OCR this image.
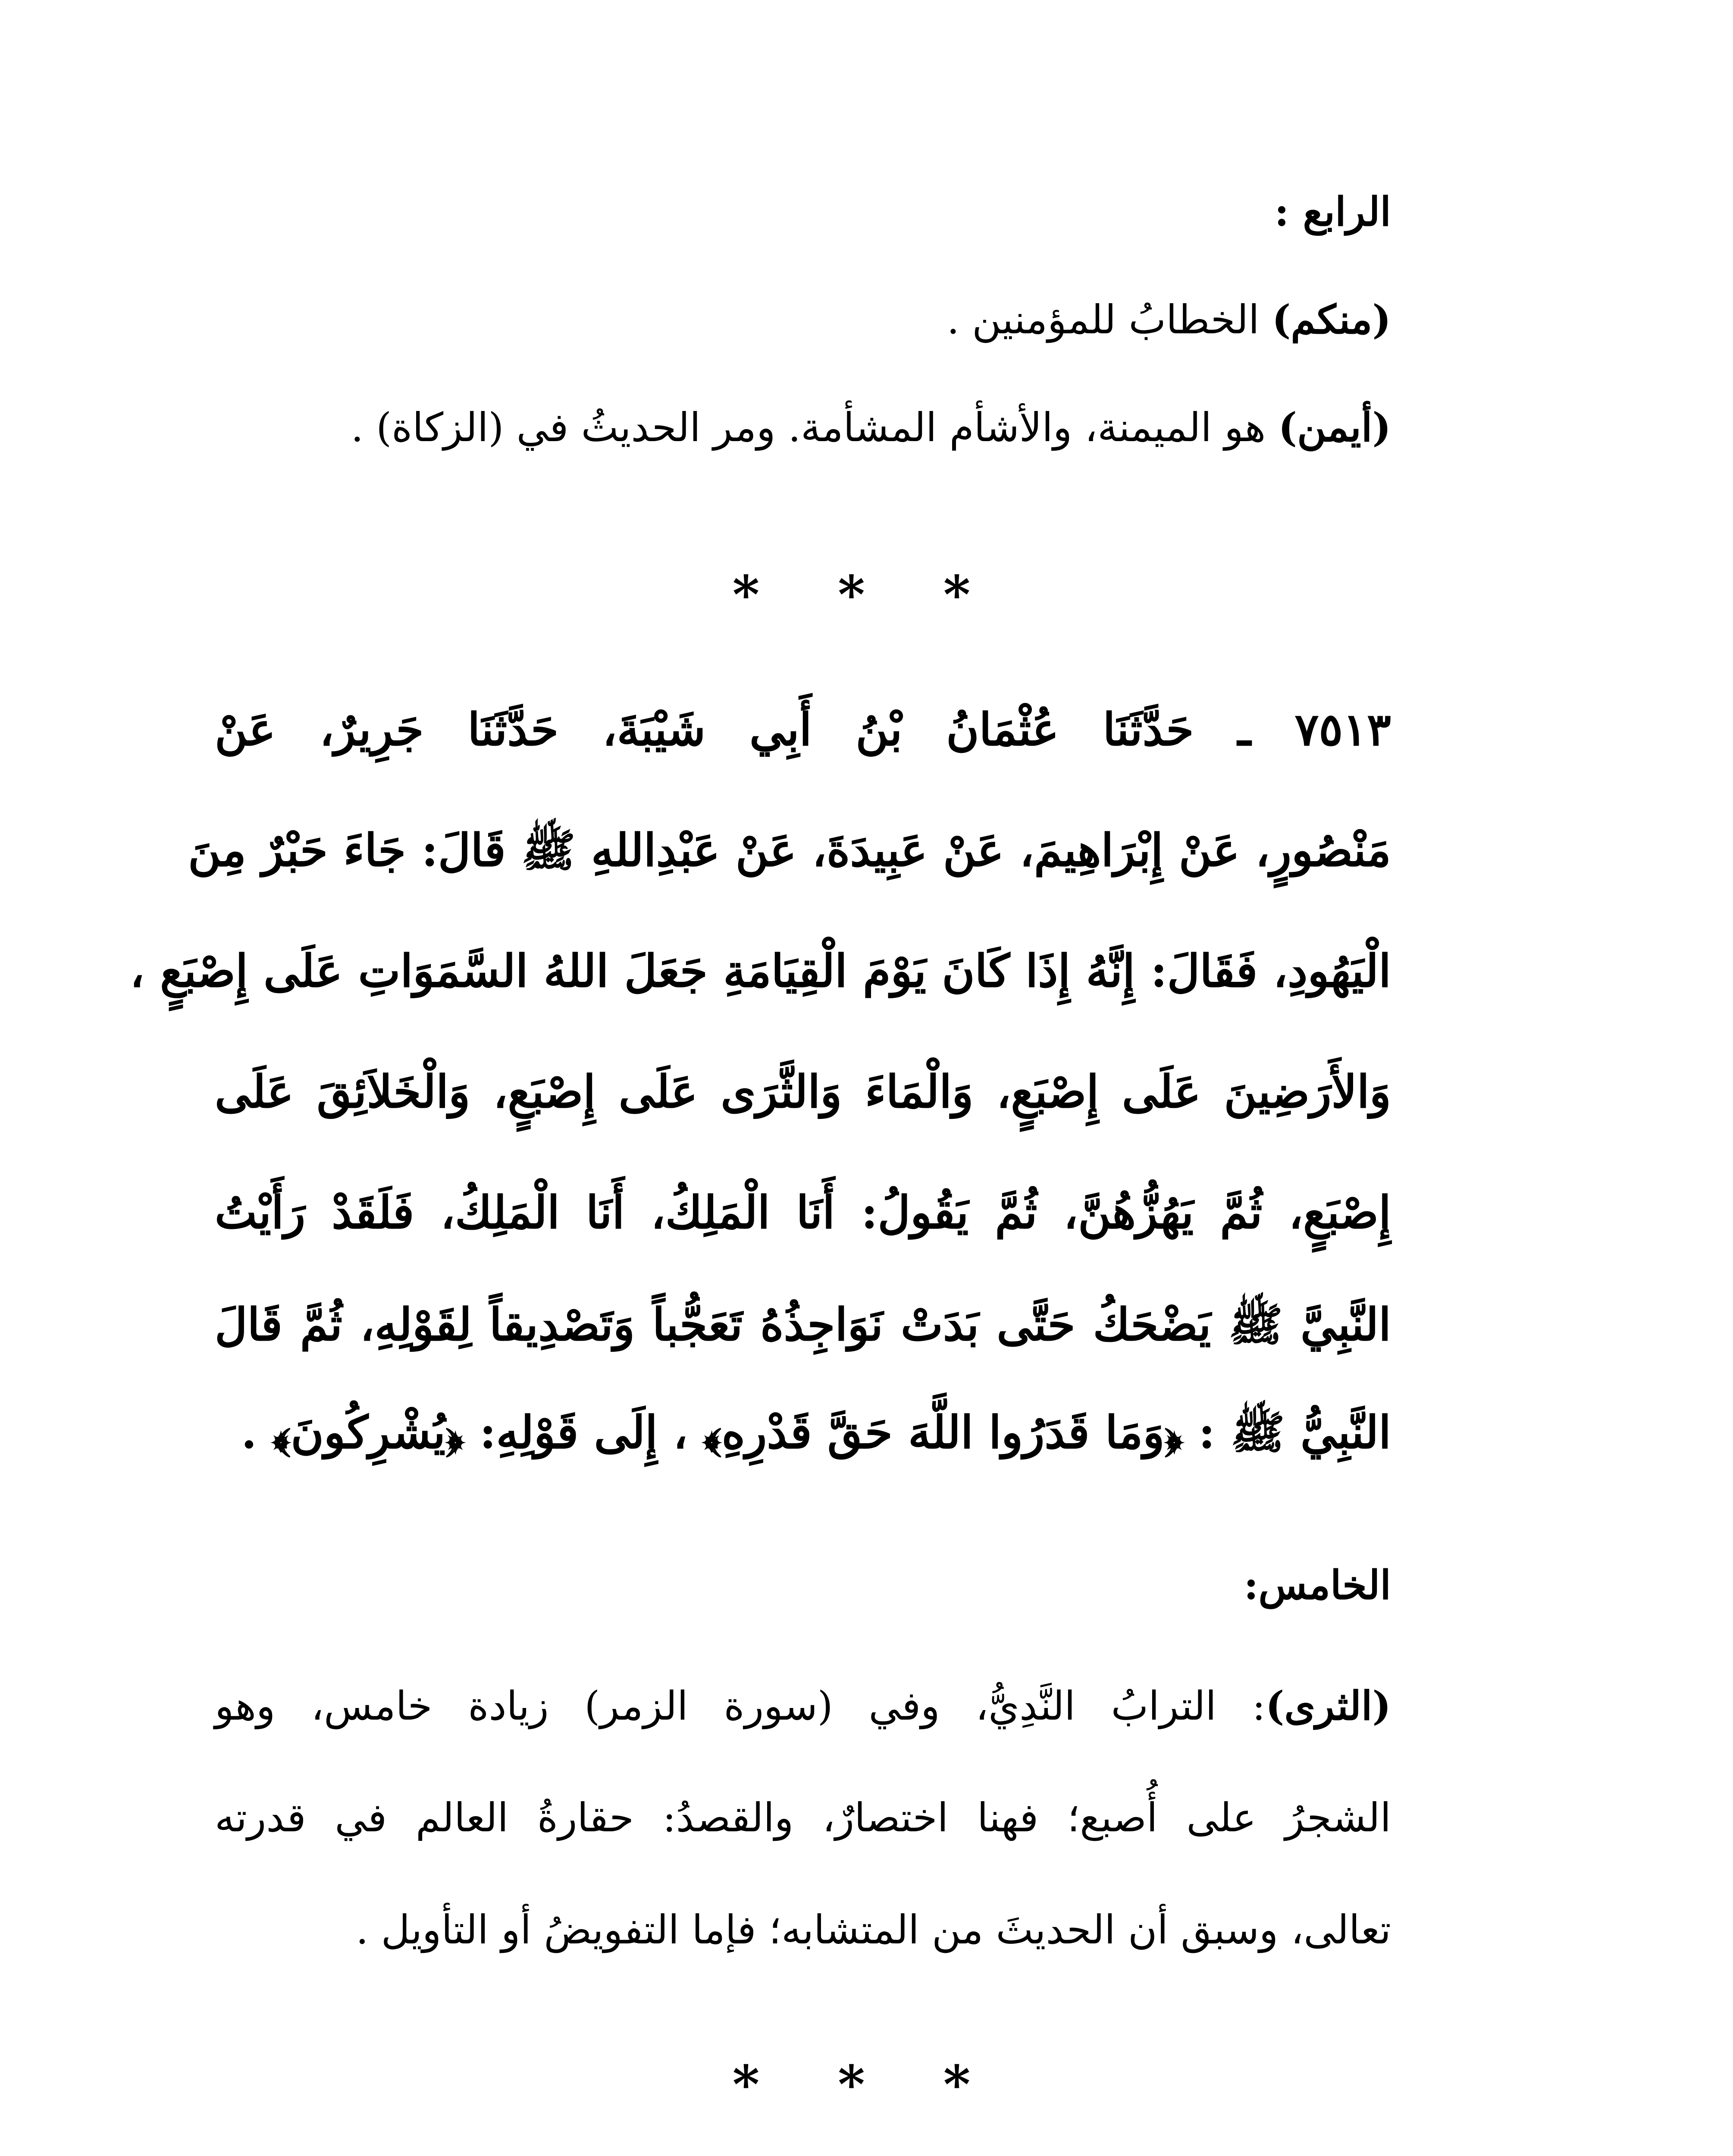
الرابع :
(منكم) الخطابُ للمؤمنين .
(أيمن) هو الميمنة، والأشأم المشأمة. ومر الحديثُ في (الزكاة) .
* * *
٧٥١٣ ـ حَدَّثَنَا عُثْمَانُ بْنُ أَبِي شَيْبَةَ، حَدَّثَنَا جَرِيرٌ، عَنْ
مَنْصُورٍ، عَنْ إِبْرَاهِيمَ، عَنْ عَبِيدَةَ، عَنْ عَبْدِاللهِ ﷺ قَالَ: جَاءَ حَبْرٌ مِنَ
الْيَهُودِ، فَقَالَ: إِنَّهُ إِذَا كَانَ يَوْمَ الْقِيَامَةِ جَعَلَ اللهُ السَّمَوَاتِ عَلَى إِصْبَعٍ ،
وَالأَرَضِينَ عَلَى إِصْبَعٍ، وَالْمَاءَ وَالثَّرَى عَلَى إِصْبَعٍ، وَالْخَلاَئِقَ عَلَى
إِصْبَعٍ، ثُمَّ يَهُزُّهُنَّ، ثُمَّ يَقُولُ: أَنَا الْمَلِكُ، أَنَا الْمَلِكُ، فَلَقَدْ رَأَيْتُ
النَّبِيَّ ﷺ يَضْحَكُ حَتَّى بَدَتْ نَوَاجِذُهُ تَعَجُّباً وَتَصْدِيقاً لِقَوْلِهِ، ثُمَّ قَالَ
النَّبِيُّ ﷺ : ﴿وَمَا قَدَرُوا اللَّهَ حَقَّ قَدْرِهِ﴾ ، إِلَى قَوْلِهِ: ﴿يُشْرِكُونَ﴾ .
الخامس:
(الثرى): الترابُ النَّدِيُّ، وفي (سورة الزمر) زيادة خامس، وهو
الشجرُ على أُصبع؛ فهنا اختصارٌ، والقصدُ: حقارةُ العالم في قدرته
تعالى، وسبق أن الحديثَ من المتشابه؛ فإما التفويضُ أو التأويل .
* * *
